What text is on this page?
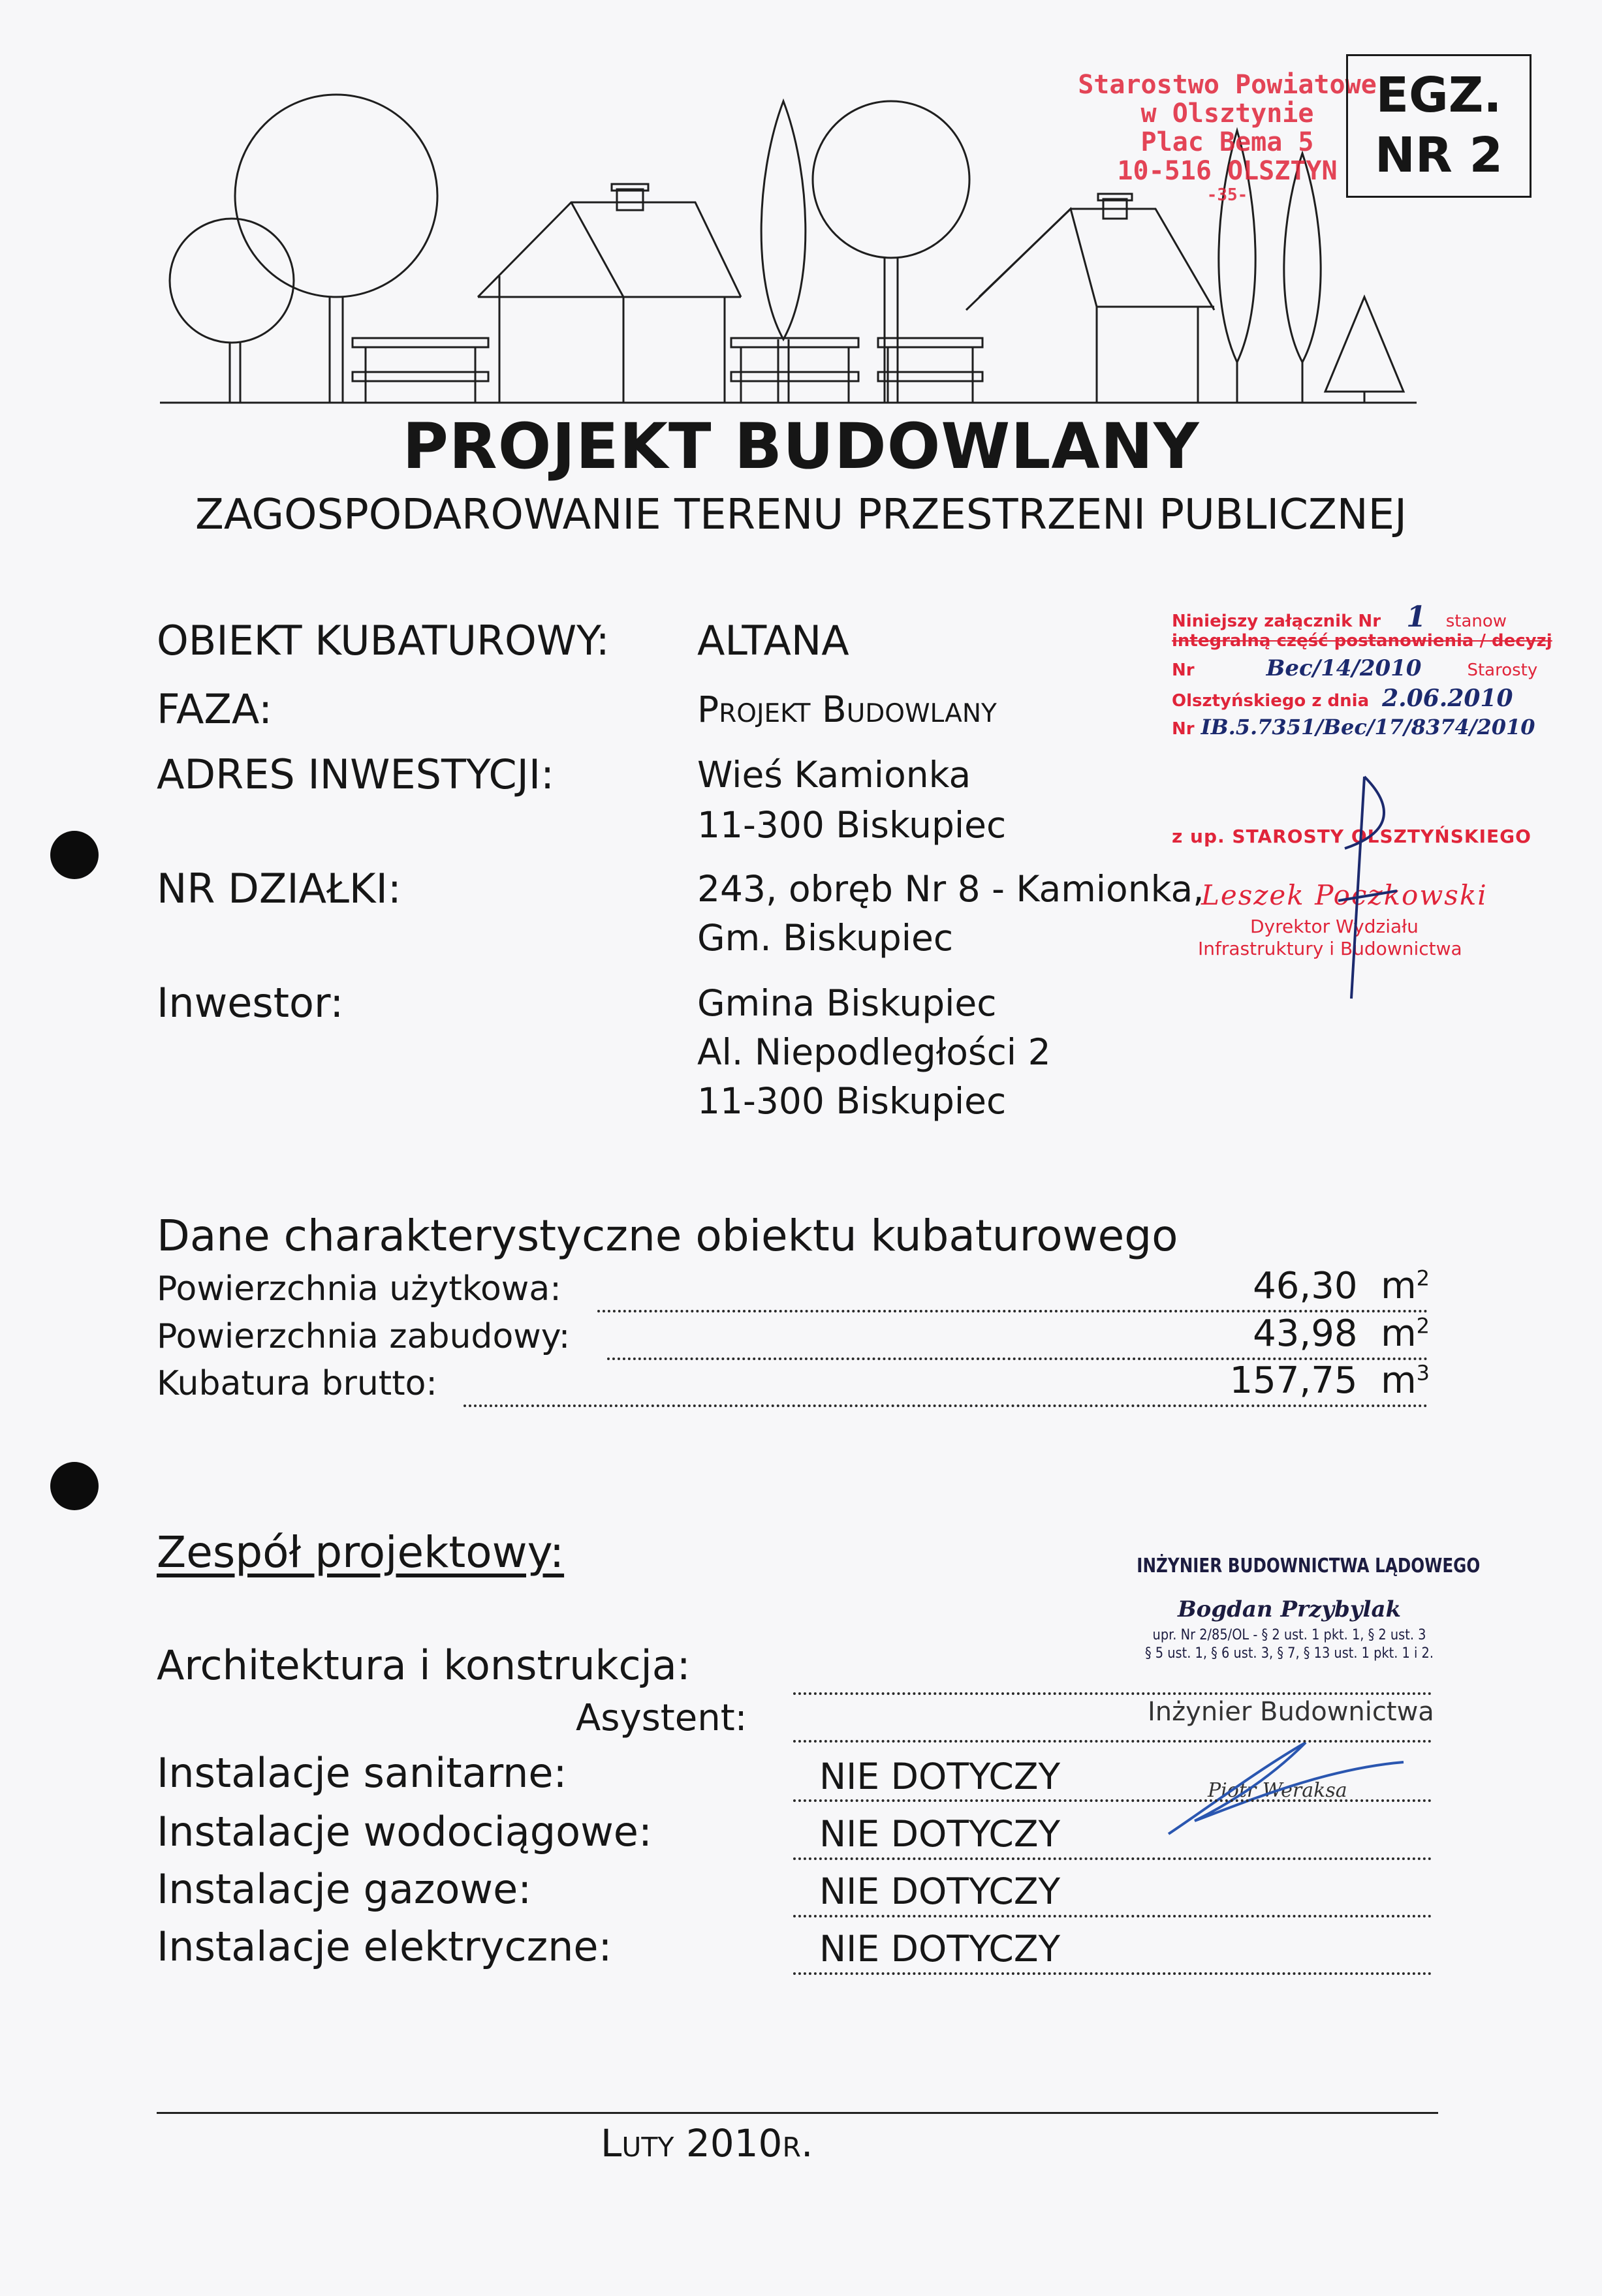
Starostwo Powiatowe
w Olsztynie
Plac Bema 5
10-516 OLSZTYN
-35-
EGZ.
NR 2
PROJEKT BUDOWLANY
ZAGOSPODAROWANIE TERENU PRZESTRZENI PUBLICZNEJ
OBIEKT KUBATUROWY: ALTANA
FAZA:	Projekt Budowlany
ADRES INWESTYCJI:	Wieś Kamionka
11-300 Biskupiec
NR DZIAŁKI:	243, obręb Nr 8 - Kamionka,
Gm. Biskupiec
Inwestor:	Gmina Biskupiec
Al. Niepodległości 2
11-300 Biskupiec
Niniejszy załącznik Nr 1 stanow
integralną część postanowienia / decyzj
Nr	Bec/14/2010	Starosty
Olsztyńskiego z dnia 2.06.2010
Nr IB.5.7351/Bec/17/8374/2010
z up. STAROSTY OLSZTYŃSKIEGO
Leszek Poczkowski
Dyrektor Wydziału
Infrastruktury i Budownictwa
Dane charakterystyczne obiektu kubaturowego
Powierzchnia użytkowa:	46,30 $m^2$
Powierzchnia zabudowy:	43,98 $m^2$
Kubatura brutto:	157,75 $m^3$
Zespół projektowy:	INŻYNIER BUDOWNICTWA LĄDOWEGO
Bogdan Przybylak
upr. Nr 2/85/OL - § 2 ust. 1 pkt. 1, § 2 ust. 3
§ 5 ust. 1, § 6 ust. 3, § 7, § 13 ust. 1 pkt. 1 i 2.
Inżynier Budownictwa
Piotr Weraksa
Architektura i konstrukcja:
Asystent:
Instalacje sanitarne:	NIE DOTYCZY
Instalacje wodociągowe:	NIE DOTYCZY
Instalacje gazowe:	NIE DOTYCZY
Instalacje elektryczne:	NIE DOTYCZY
Luty 2010r.
